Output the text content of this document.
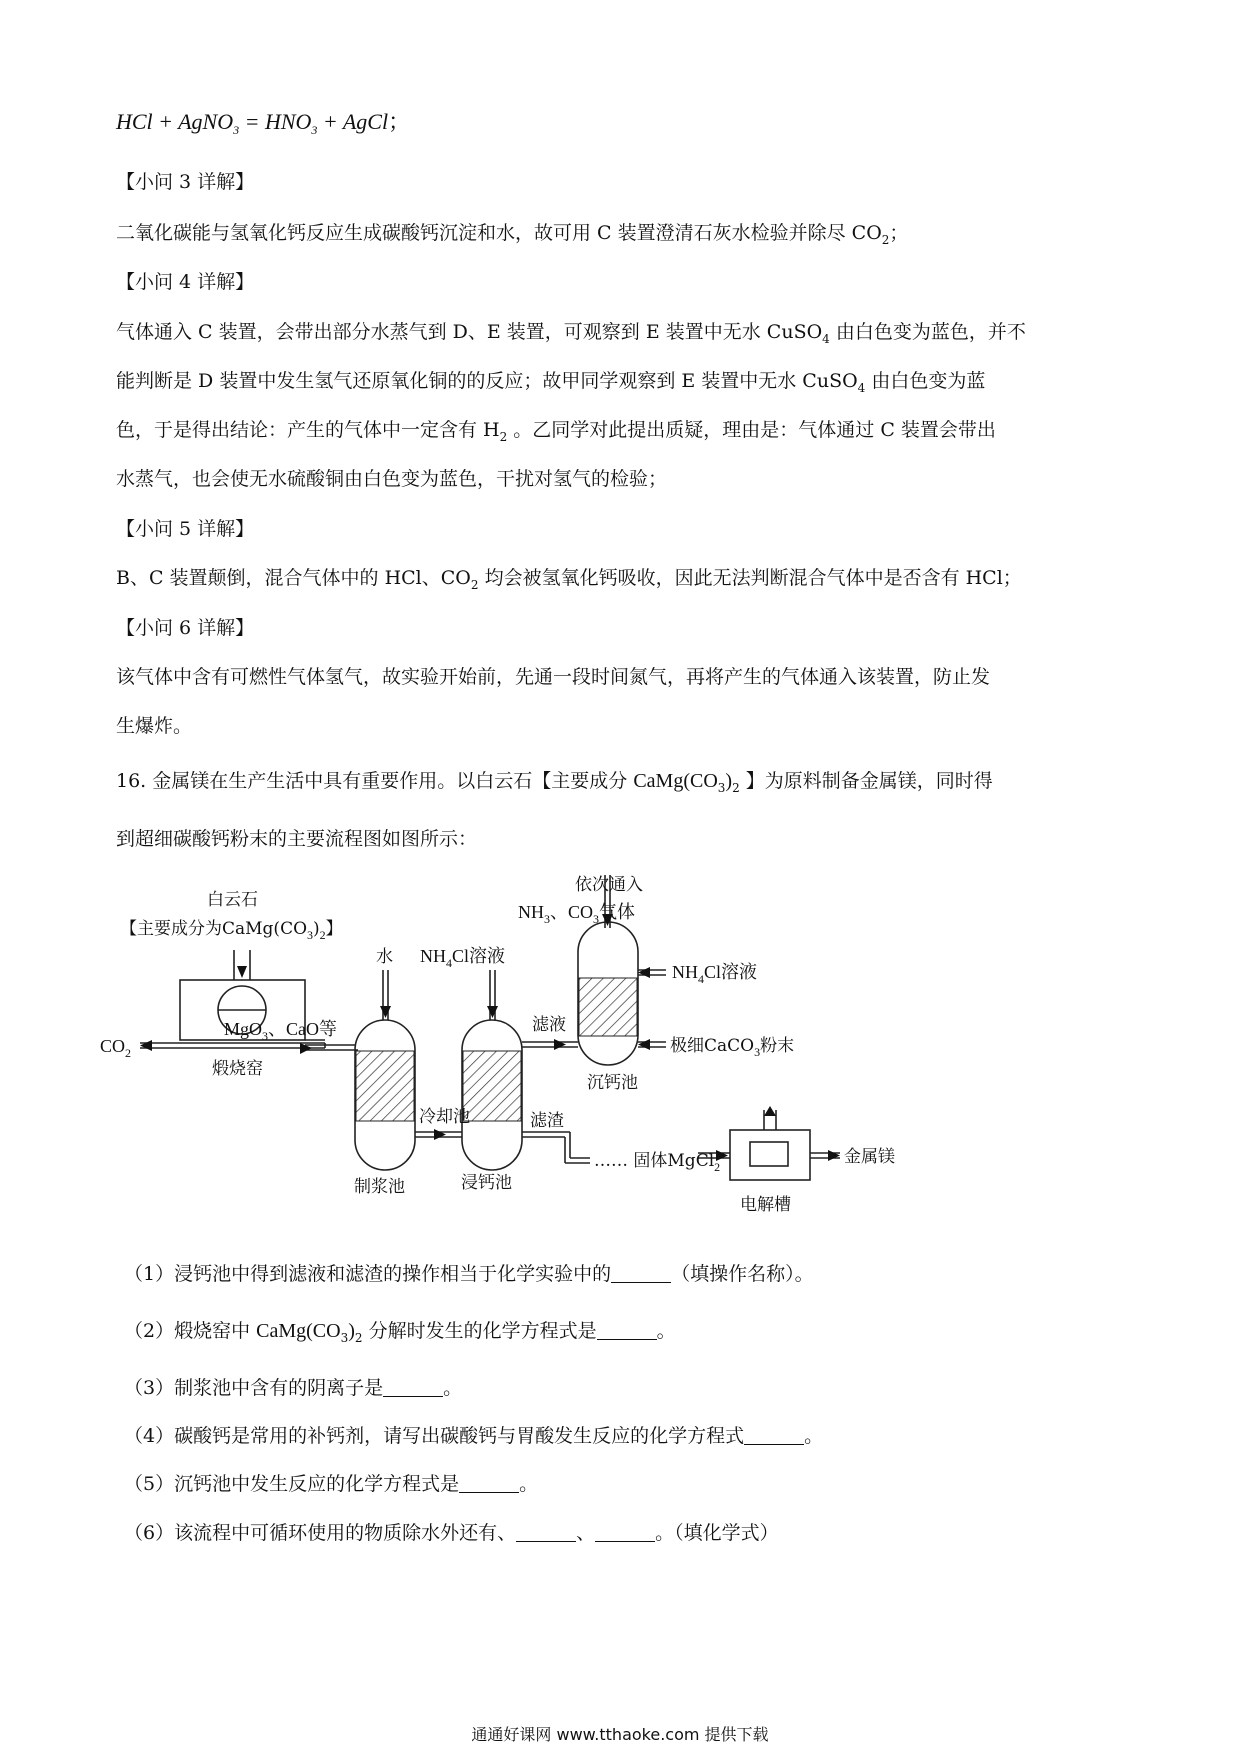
HCl + AgNO$_3$ = $HNO_3$ + AgCl；
【小问 3 详解】
二氧化碳能与氢氧化钙反应生成碳酸钙沉淀和水，故可用 C 装置澄清石灰水检验并除尽 $CO_2$；
【小问 4 详解】
气体通入 C 装置，会带出部分水蒸气到 D、E 装置，可观察到 E 装置中无水 CuSO$_4$ 由白色变为蓝色，并不
能判断是 D 装置中发生氢气还原氧化铜的的反应；故甲同学观察到 E 装置中无水 CuSO$_4$ 由白色变为蓝
色，于是得出结论：产生的气体中一定含有 $H_2$ 。乙同学对此提出质疑，理由是：气体通过 C 装置会带出
水蒸气，也会使无水硫酸铜由白色变为蓝色，干扰对氢气的检验；
【小问 5 详解】
B、C 装置颠倒，混合气体中的 HCl、$CO_2$ 均会被氢氧化钙吸收，因此无法判断混合气体中是否含有 HCl；
【小问 6 详解】
该气体中含有可燃性气体氢气，故实验开始前，先通一段时间氮气，再将产生的气体通入该装置，防止发
生爆炸。
16. 金属镁在生产生活中具有重要作用。以白云石【主要成分 $CaMg(CO_3)_2$ 】为原料制备金属镁，同时得
到超细碳酸钙粉末的主要流程图如图所示：
白云石
【主要成分为$CaMg(CO_3)_2$】
$CO_2$
MgO$_3$、CaO等
煅烧窑
水 $NH_4Cl$溶液
滤液
依次通入
$NH_3$、$CO_3$气体
$NH_4Cl$溶液
极细CaCO$_3$粉末
沉钙池
冷却池	滤渣
制浆池	浸钙池
…… 固体MgCl$_2$	金属镁
电解槽
（1）浸钙池中得到滤液和滤渣的操作相当于化学实验中的	（填操作名称）。
（2）煅烧窑中 $CaMg(CO_3)_2$ 分解时发生的化学方程式是	。
（3）制浆池中含有的阴离子是	。
（4）碳酸钙是常用的补钙剂，请写出碳酸钙与胃酸发生反应的化学方程式	。
（5）沉钙池中发生反应的化学方程式是	。
（6）该流程中可循环使用的物质除水外还有、	、	。（填化学式）
通通好课网 www.tthaoke.com 提供下载
